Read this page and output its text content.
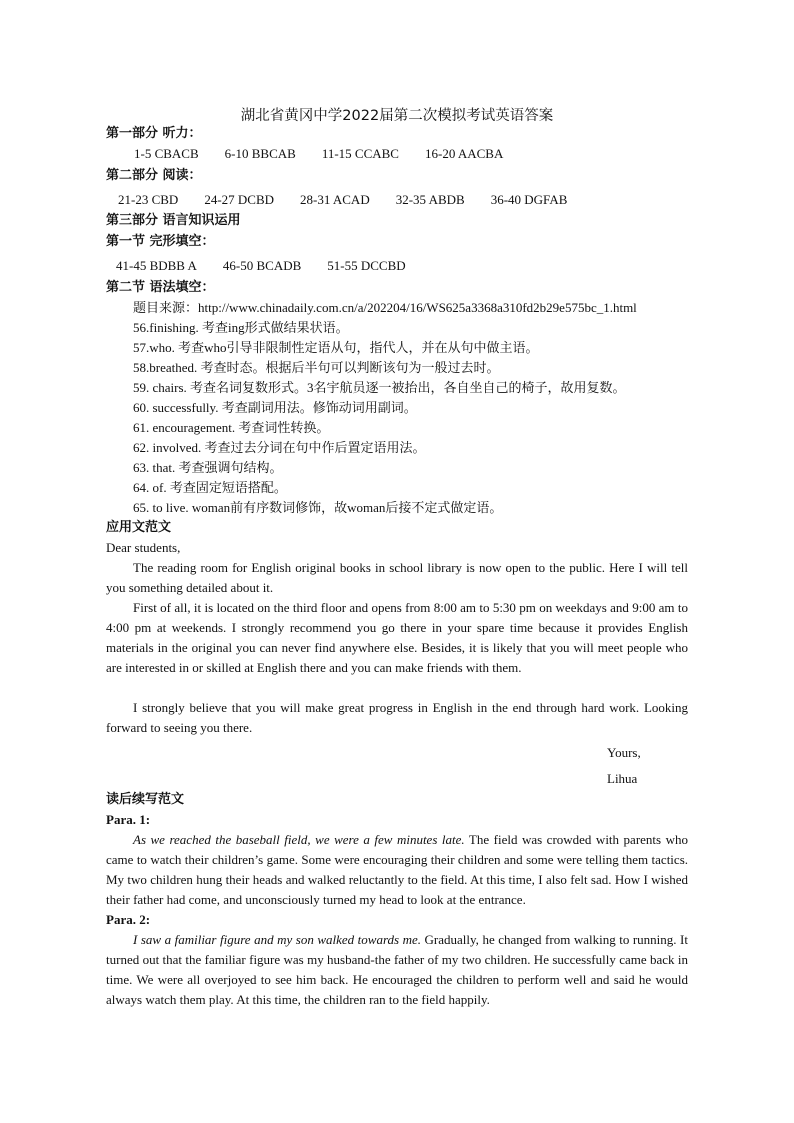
湖北省黄冈中学2022届第二次模拟考试英语答案
第一部分 听力：
1-5 CBACB 6-10 BBCAB 11-15 CCABC 16-20 AACBA
第二部分 阅读：
21-23 CBD 24-27 DCBD 28-31 ACAD 32-35 ABDB 36-40 DGFAB
第三部分 语言知识运用
第一节 完形填空：
41-45 BDBB A 46-50 BCADB 51-55 DCCBD
第二节 语法填空：
题目来源：http://www.chinadaily.com.cn/a/202204/16/WS625a3368a310fd2b29e575bc_1.html
56.finishing. 考查ing形式做结果状语。
57.who. 考查who引导非限制性定语从句，指代人，并在从句中做主语。
58.breathed. 考查时态。根据后半句可以判断该句为一般过去时。
59. chairs. 考查名词复数形式。3名宇航员逐一被抬出，各自坐自己的椅子，故用复数。
60. successfully. 考查副词用法。修饰动词用副词。
61. encouragement. 考查词性转换。
62. involved. 考查过去分词在句中作后置定语用法。
63. that. 考查强调句结构。
64. of. 考查固定短语搭配。
65. to live. woman前有序数词修饰，故woman后接不定式做定语。
应用文范文
Dear students,
The reading room for English original books in school library is now open to the public. Here I will tell you something detailed about it.
First of all, it is located on the third floor and opens from 8:00 am to 5:30 pm on weekdays and 9:00 am to 4:00 pm at weekends. I strongly recommend you go there in your spare time because it provides English materials in the original you can never find anywhere else. Besides, it is likely that you will meet people who are interested in or skilled at English there and you can make friends with them.
I strongly believe that you will make great progress in English in the end through hard work. Looking forward to seeing you there.
Yours,
Lihua
读后续写范文
Para. 1:
As we reached the baseball field, we were a few minutes late. The field was crowded with parents who came to watch their children’s game. Some were encouraging their children and some were telling them tactics. My two children hung their heads and walked reluctantly to the field. At this time, I also felt sad. How I wished their father had come, and unconsciously turned my head to look at the entrance.
Para. 2:
I saw a familiar figure and my son walked towards me. Gradually, he changed from walking to running. It turned out that the familiar figure was my husband-the father of my two children. He successfully came back in time. We were all overjoyed to see him back. He encouraged the children to perform well and said he would always watch them play. At this time, the children ran to the field happily.
